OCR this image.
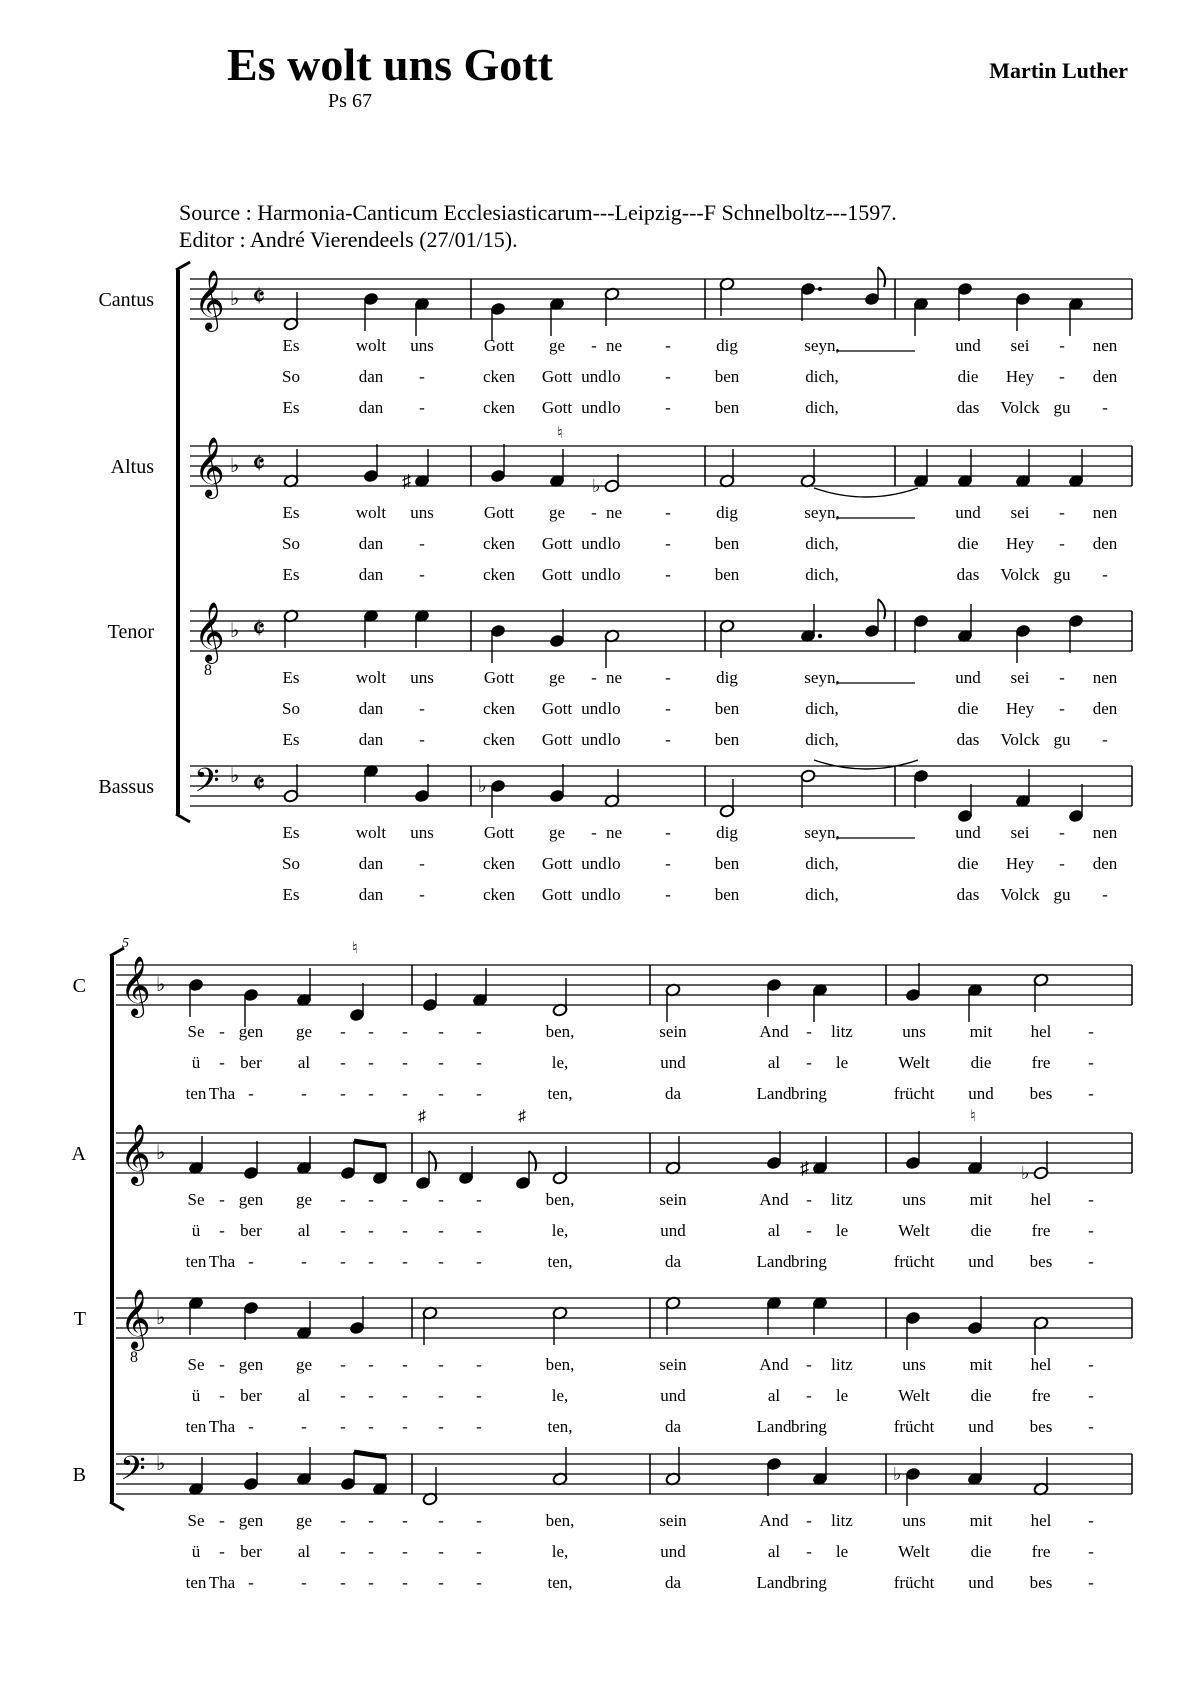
Es wolt uns Gott
Ps 67
Martin Luther
Source : Harmonia-Canticum Ecclesiasticarum---Leipzig---F Schnelboltz---1597.
Editor : André Vierendeels (27/01/15).
𝄞 ♭ 𝄵
Cantus
𝄞 ♭ 𝄵
Altus
𝄞
8
♭ 𝄵
Tenor
𝄢 ♭ 𝄵
Bassus
♯	♭
♮
♭
Es	wolt uns	Gott ge - ne	-	dig	seyn,	und sei - nen
So	dan -	cken Gott und lo	-	ben	dich,	die Hey - den
Es	dan -	cken Gott und lo	-	ben	dich,	das Volck gu -
Es	wolt uns	Gott ge - ne	-	dig	seyn,	und sei - nen
So	dan -	cken Gott und lo	-	ben	dich,	die Hey - den
Es	dan -	cken Gott und lo	-	ben	dich,	das Volck gu -
Es	wolt uns	Gott ge - ne	-	dig	seyn,	und sei - nen
So	dan -	cken Gott und lo	-	ben	dich,	die Hey - den
Es	dan -	cken Gott und lo	-	ben	dich,	das Volck gu -
Es	wolt uns	Gott ge - ne	-	dig	seyn,	und sei - nen
So	dan -	cken Gott und lo	-	ben	dich,	die Hey - den
Es	dan -	cken Gott und lo	-	ben	dich,	das Volck gu -
5
𝄞 ♭
C
𝄞 ♭
A
𝄞
8
♭
T
𝄢 ♭
B
♮
♯	♯
♯	♭
♮
♭
Se - gen ge - - - - -	ben,	sein	And - litz	uns	mit hel -
ü - ber al - - - - -	le,	und	al - le	Welt die fre -
ten Tha -	- - - - - -	ten,	da	Land bring	frücht und bes -
Se - gen ge - - - - -	ben,	sein	And - litz	uns	mit hel -
ü - ber al - - - - -	le,	und	al - le	Welt die fre -
ten Tha -	- - - - - -	ten,	da	Land bring	frücht und bes -
Se - gen ge - - - - -	ben,	sein	And - litz	uns	mit hel -
ü - ber al - - - - -	le,	und	al - le	Welt die fre -
ten Tha -	- - - - - -	ten,	da	Land bring	frücht und bes -
Se - gen ge - - - - -	ben,	sein	And - litz	uns	mit hel -
ü - ber al - - - - -	le,	und	al - le	Welt die fre -
ten Tha -	- - - - - -	ten,	da	Land bring	frücht und bes -
